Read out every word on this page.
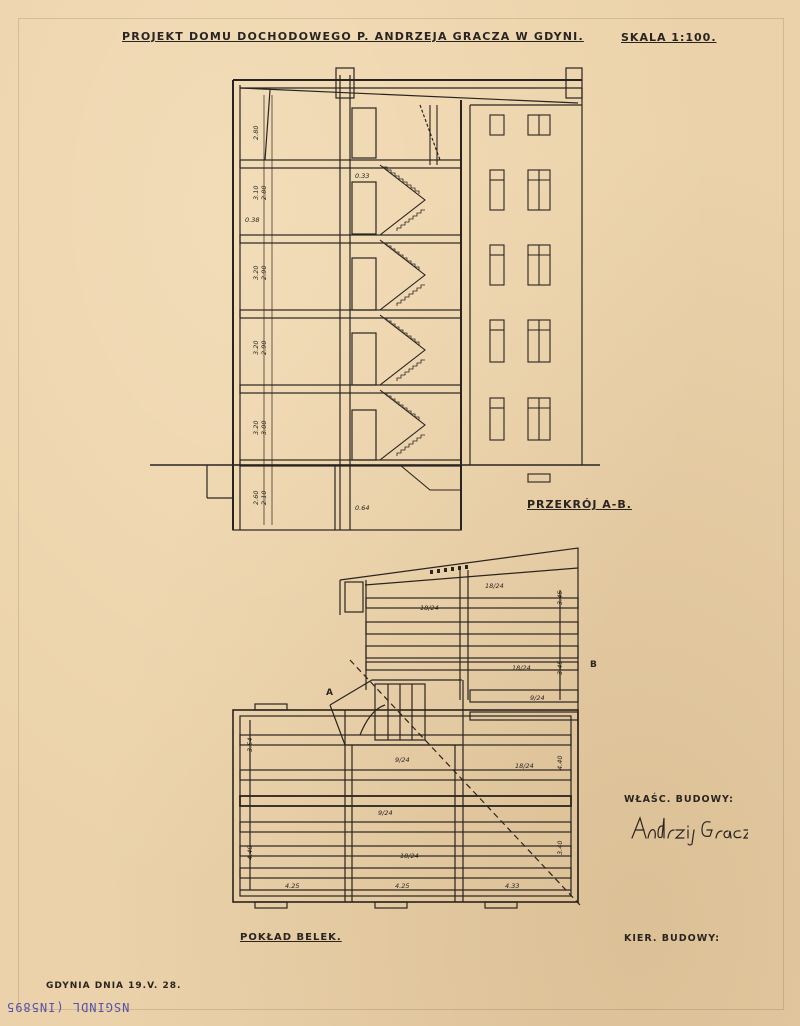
PROJEKT DOMU DOCHODOWEGO P. ANDRZEJA GRACZA W GDYNI.	SKALA 1:100.
2.80
3.10 2.80
3.20 2.90
3.20 2.90
3.20 3.00
2.60 2.10
0.64
0.33
0.38
PRZEKRÓJ A-B.
3.45
3.45
4.40
3.40
3.54
4.40
4.25	4.25	4.33
18/24
18/24
18/24
18/24
18/24
9/24
9/24
9/24
A
B
POKŁAD BELEK.
WŁAŚC. BUDOWY:
KIER. BUDOWY:
GDYNIA DNIA 19.V. 28.
NSGINDL (IN5895
